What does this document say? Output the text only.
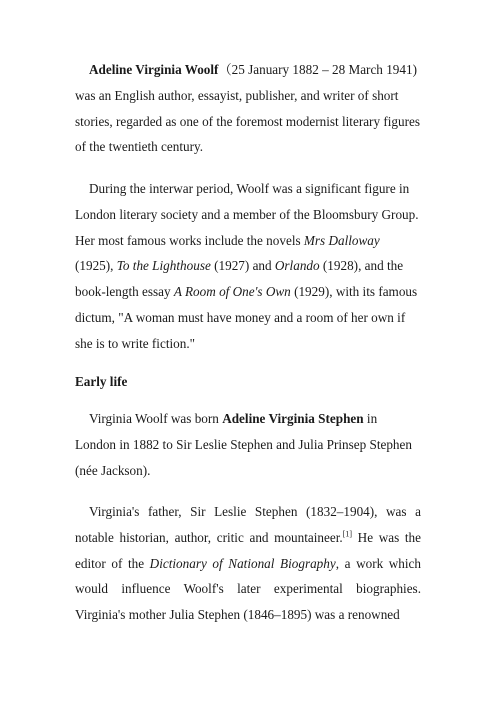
Adeline Virginia Woolf（25 January 1882 – 28 March 1941) was an English author, essayist, publisher, and writer of short stories, regarded as one of the foremost modernist literary figures of the twentieth century.

During the interwar period, Woolf was a significant figure in London literary society and a member of the Bloomsbury Group. Her most famous works include the novels Mrs Dalloway (1925), To the Lighthouse (1927) and Orlando (1928), and the book-length essay A Room of One's Own (1929), with its famous dictum, "A woman must have money and a room of her own if she is to write fiction."

Early life

Virginia Woolf was born Adeline Virginia Stephen in London in 1882 to Sir Leslie Stephen and Julia Prinsep Stephen (née Jackson).

Virginia's father, Sir Leslie Stephen (1832–1904), was a notable historian, author, critic and mountaineer.[1] He was the editor of the Dictionary of National Biography, a work which would influence Woolf's later experimental biographies. Virginia's mother Julia Stephen (1846–1895) was a renowned
